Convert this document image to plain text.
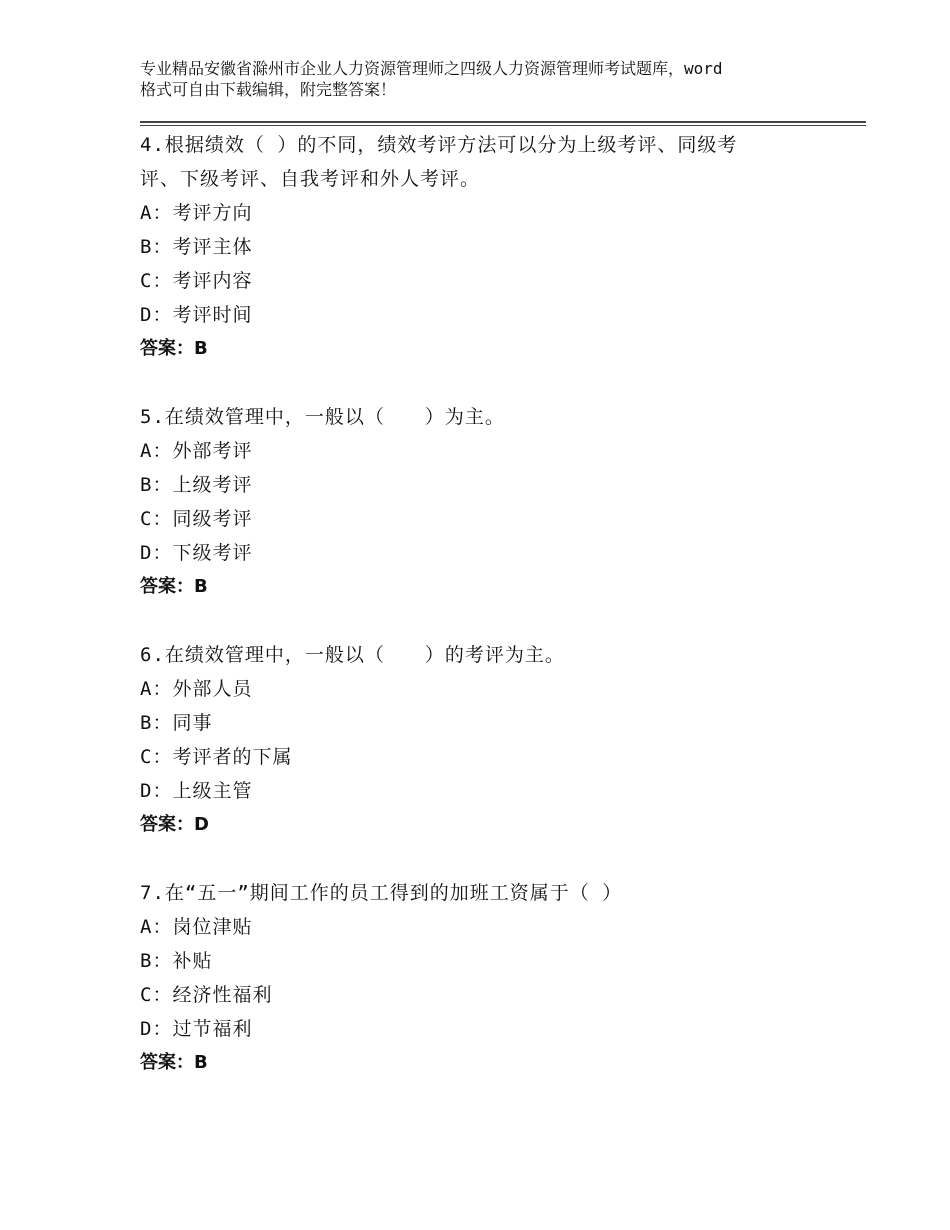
专业精品安徽省滁州市企业人力资源管理师之四级人力资源管理师考试题库，word
格式可自由下载编辑，附完整答案！
4.根据绩效（ ）的不同，绩效考评方法可以分为上级考评、同级考
评、下级考评、自我考评和外人考评。
A：考评方向
B：考评主体
C：考评内容
D：考评时间
答案：B
5.在绩效管理中，一般以（　　）为主。
A：外部考评
B：上级考评
C：同级考评
D：下级考评
答案：B
6.在绩效管理中，一般以（　　）的考评为主。
A：外部人员
B：同事
C：考评者的下属
D：上级主管
答案：D
7.在“五一”期间工作的员工得到的加班工资属于（ ）
A：岗位津贴
B：补贴
C：经济性福利
D：过节福利
答案：B
